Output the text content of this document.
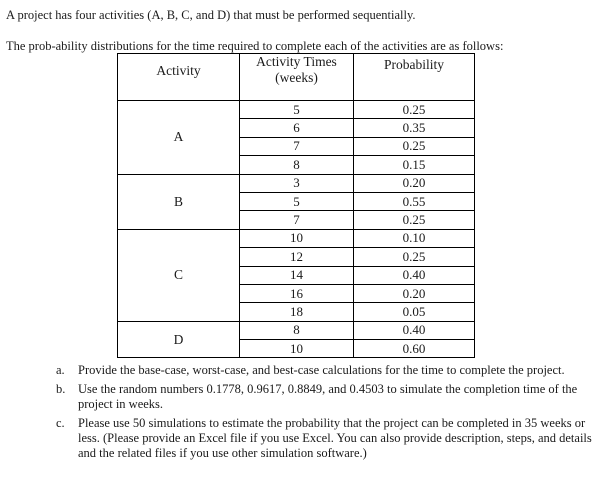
A project has four activities (A, B, C, and D) that must be performed sequentially.

The prob-ability distributions for the time required to complete each of the activities are as follows:

Activity	Activity Times (weeks)	Probability
A	5	0.25
	6	0.35
	7	0.25
	8	0.15
B	3	0.20
	5	0.55
	7	0.25
C	10	0.10
	12	0.25
	14	0.40
	16	0.20
	18	0.05
D	8	0.40
	10	0.60
a.	Provide the base-case, worst-case, and best-case calculations for the time to complete the project.
b.	Use the random numbers 0.1778, 0.9617, 0.8849, and 0.4503 to simulate the completion time of the project in weeks.
c.	Please use 50 simulations to estimate the probability that the project can be completed in 35 weeks or less. (Please provide an Excel file if you use Excel. You can also provide description, steps, and details and the related files if you use other simulation software.)
